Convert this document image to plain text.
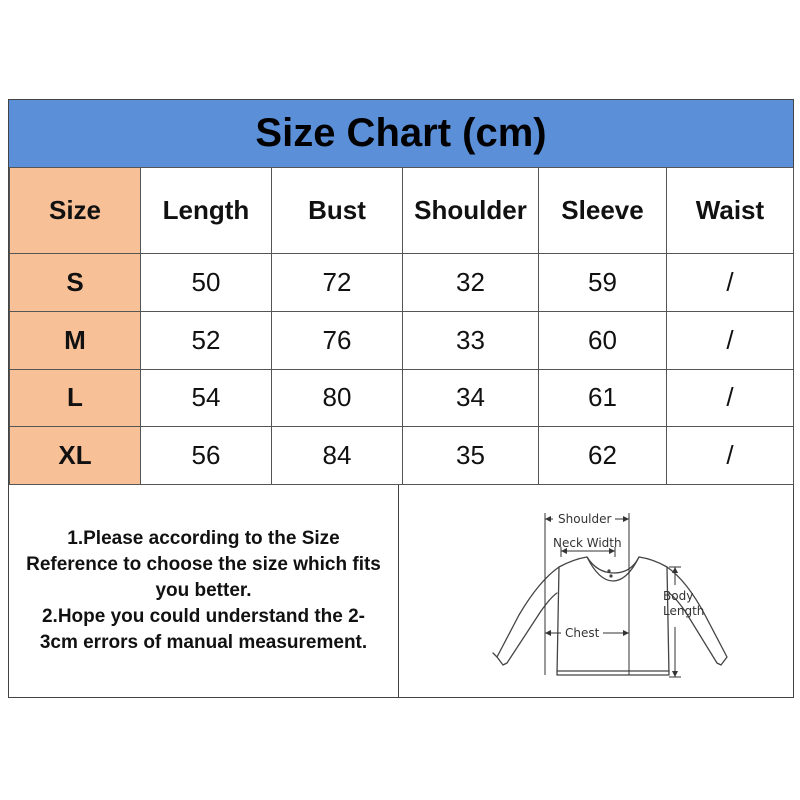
Size Chart (cm)
Size	Length	Bust	Shoulder	Sleeve	Waist
S	50	72	32	59	/
M	52	76	33	60	/
L	54	80	34	61	/
XL	56	84	35	62	/
1.Please according to the Size
Reference to choose the size which fits
you better.
2.Hope you could understand the 2-
3cm errors of manual measurement.
Shoulder
Neck Width
Chest
Body
Length
